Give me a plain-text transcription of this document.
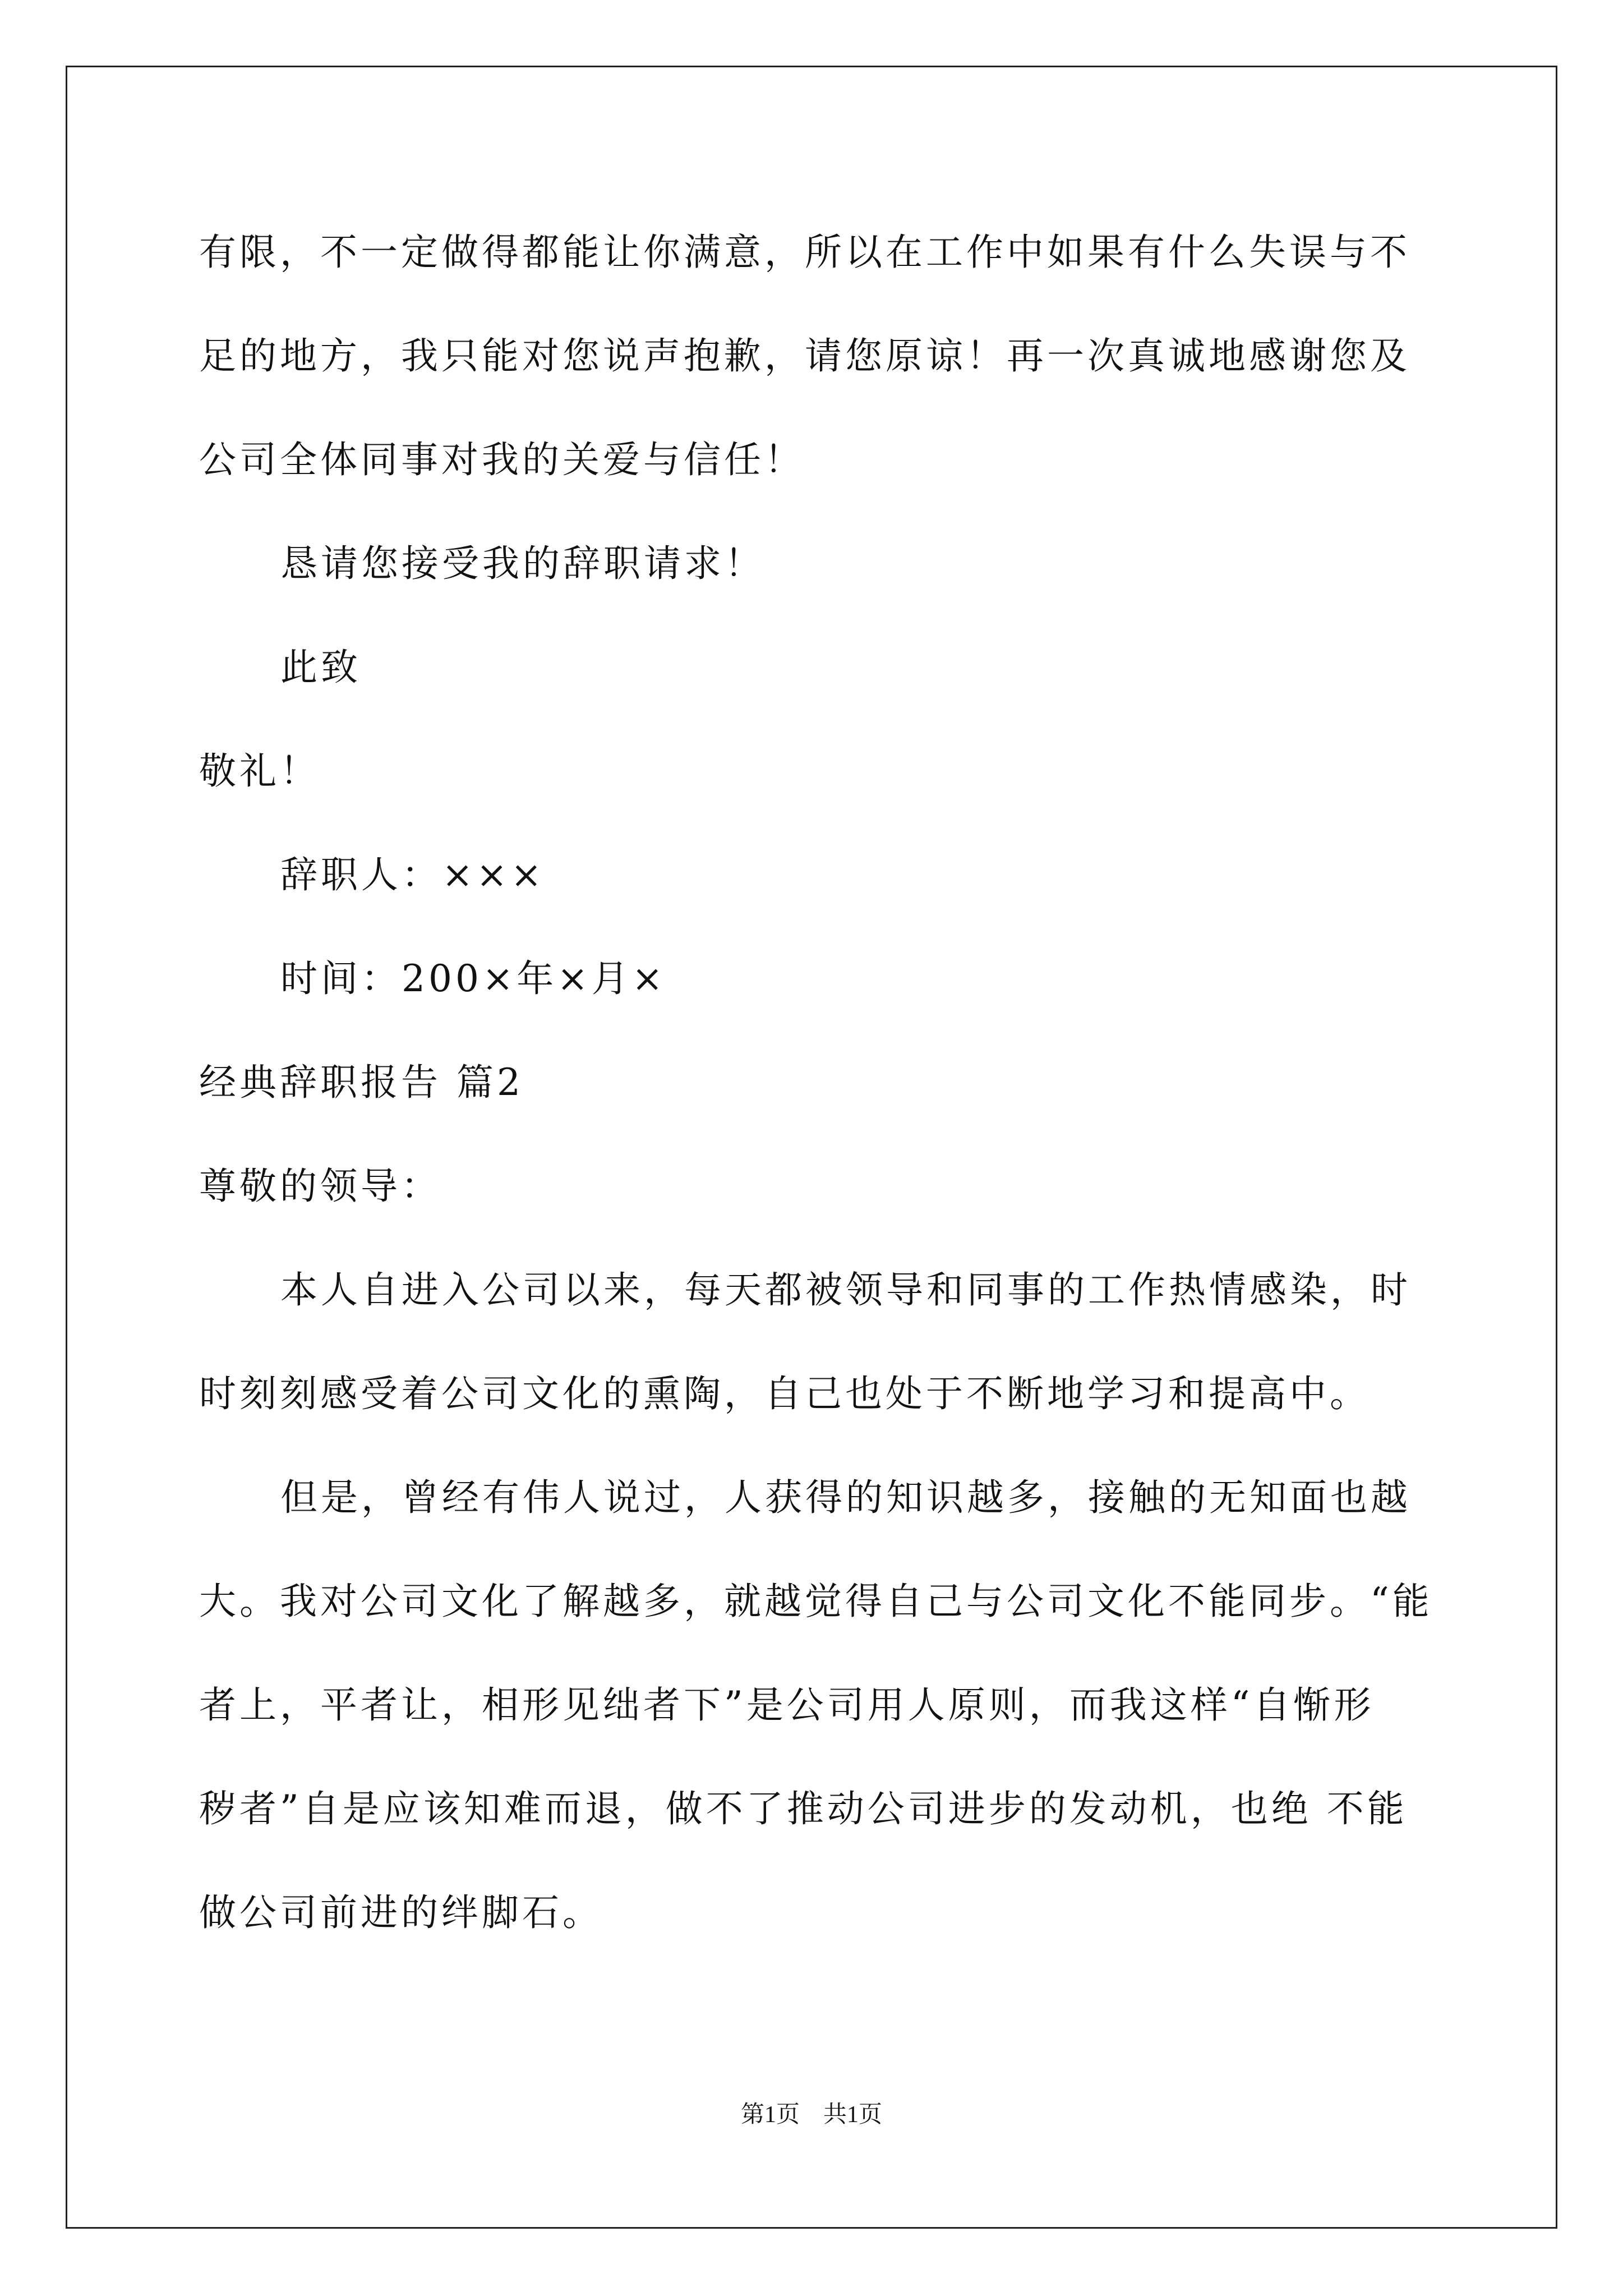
有限，不一定做得都能让你满意，所以在工作中如果有什么失误与不
足的地方，我只能对您说声抱歉，请您原谅！再一次真诚地感谢您及
公司全体同事对我的关爱与信任！
恳请您接受我的辞职请求！
此致
敬礼！
辞职人：×××
时间：200×年×月×
经典辞职报告 篇2
尊敬的领导：
本人自进入公司以来，每天都被领导和同事的工作热情感染，时
时刻刻感受着公司文化的熏陶，自己也处于不断地学习和提高中。
但是，曾经有伟人说过，人获得的知识越多，接触的无知面也越
大。我对公司文化了解越多，就越觉得自己与公司文化不能同步。“能
者上，平者让，相形见绌者下”是公司用人原则，而我这样“自惭形
秽者”自是应该知难而退，做不了推动公司进步的发动机，也绝 不能
做公司前进的绊脚石。
第1页　共1页
